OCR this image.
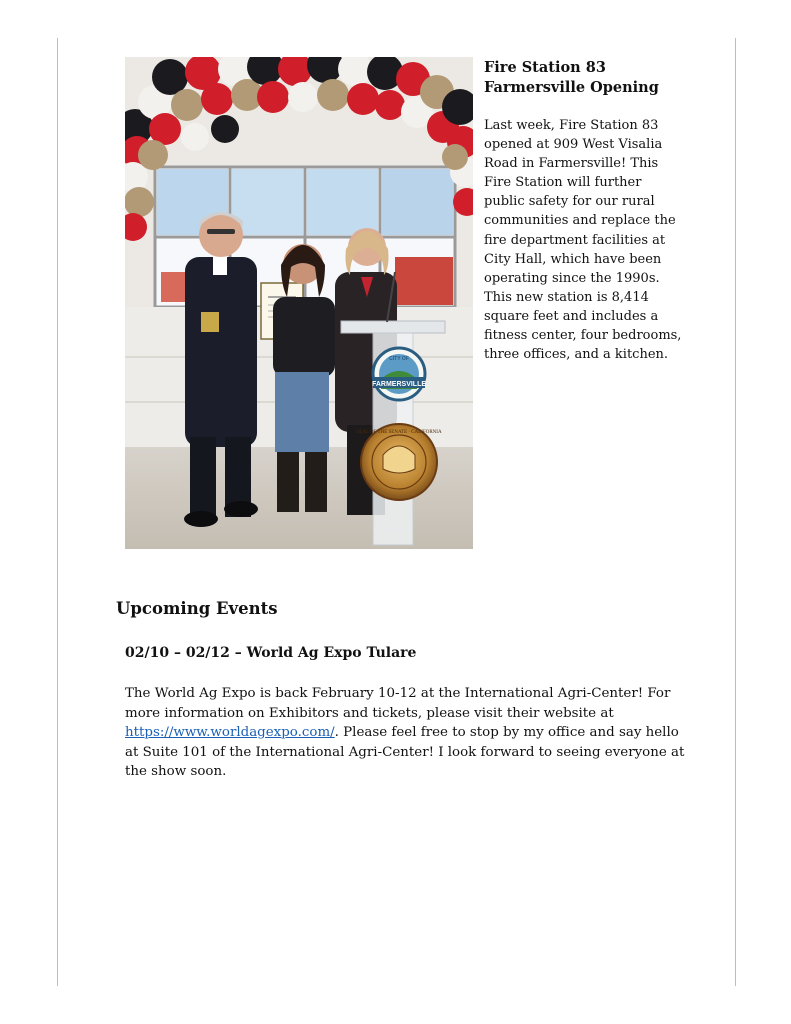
CITY OF
FARMERSVILLE
SEAL OF THE SENATE · CALIFORNIA
Fire Station 83
Farmersville Opening

Last week, Fire Station 83 opened at 909 West Visalia Road in Farmersville! This Fire Station will further public safety for our rural communities and replace the fire department facilities at City Hall, which have been operating since the 1990s. This new station is 8,414 square feet and includes a fitness center, four bedrooms, three offices, and a kitchen.

Upcoming Events
02/10 – 02/12 – World Ag Expo Tulare

The World Ag Expo is back February 10-12 at the International Agri-Center! For more information on Exhibitors and tickets, please visit their website at https://www.worldagexpo.com/. Please feel free to stop by my office and say hello at Suite 101 of the International Agri-Center! I look forward to seeing everyone at the show soon.
